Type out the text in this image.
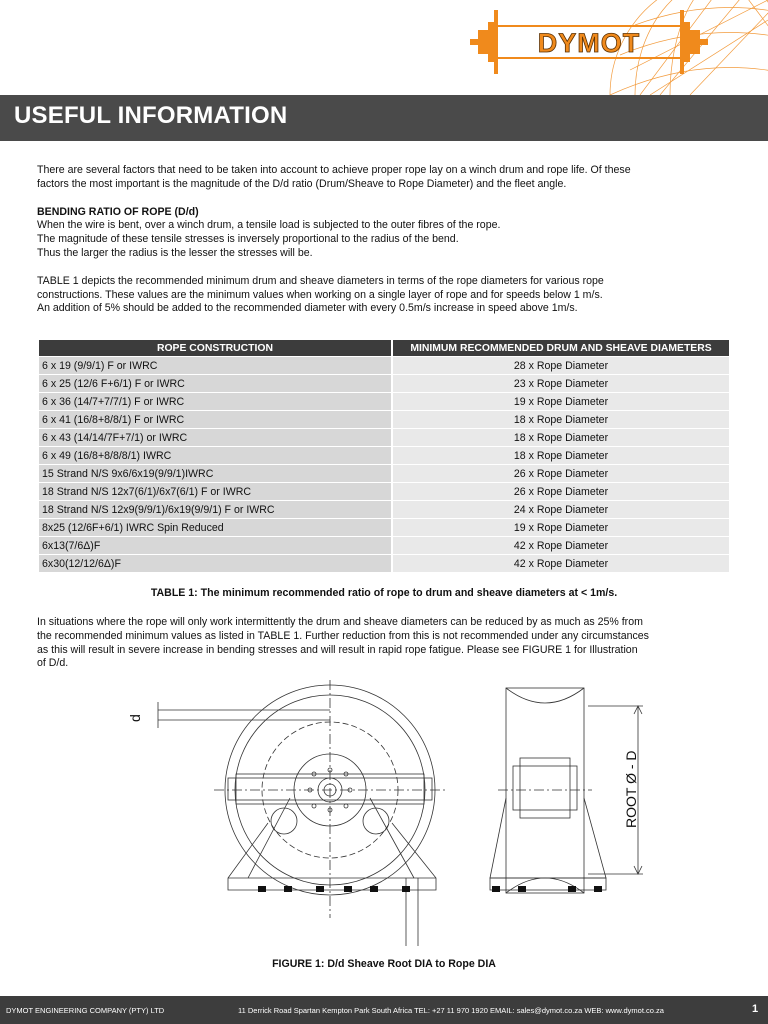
DYMOT
USEFUL INFORMATION

There are several factors that need to be taken into account to achieve proper rope lay on a winch drum and rope life. Of these

factors the most important is the magnitude of the D/d ratio (Drum/Sheave to Rope Diameter) and the fleet angle.

BENDING RATIO OF ROPE (D/d)

When the wire is bent, over a winch drum, a tensile load is subjected to the outer fibres of the rope.

The magnitude of these tensile stresses is inversely proportional to the radius of the bend.

Thus the larger the radius is the lesser the stresses will be.

TABLE 1 depicts the recommended minimum drum and sheave diameters in terms of the rope diameters for various rope

constructions. These values are the minimum values when working on a single layer of rope and for speeds below 1 m/s.

An addition of 5% should be added to the recommended diameter with every 0.5m/s increase in speed above 1m/s.

ROPE CONSTRUCTION	MINIMUM RECOMMENDED DRUM AND SHEAVE DIAMETERS
6 x 19 (9/9/1) F or IWRC	28 x Rope Diameter
6 x 25 (12/6 F+6/1) F or IWRC	23 x Rope Diameter
6 x 36 (14/7+7/7/1) F or IWRC	19 x Rope Diameter
6 x 41 (16/8+8/8/1) F or IWRC	18 x Rope Diameter
6 x 43 (14/14/7F+7/1) or IWRC	18 x Rope Diameter
6 x 49 (16/8+8/8/8/1) IWRC	18 x Rope Diameter
15 Strand N/S 9x6/6x19(9/9/1)IWRC	26 x Rope Diameter
18 Strand N/S 12x7(6/1)/6x7(6/1) F or IWRC	26 x Rope Diameter
18 Strand N/S 12x9(9/9/1)/6x19(9/9/1) F or IWRC	24 x Rope Diameter
8x25 (12/6F+6/1) IWRC Spin Reduced	19 x Rope Diameter
6x13(7/6Δ)F	42 x Rope Diameter
6x30(12/12/6Δ)F	42 x Rope Diameter
TABLE 1: The minimum recommended ratio of rope to drum and sheave diameters at < 1m/s.

In situations where the rope will only work intermittently the drum and sheave diameters can be reduced by as much as 25% from

the recommended minimum values as listed in TABLE 1. Further reduction from this is not recommended under any circumstances

as this will result in severe increase in bending stresses and will result in rapid rope fatigue. Please see FIGURE 1 for Illustration

of D/d.

d
ROOT Ø - D
FIGURE 1: D/d Sheave Root DIA to Rope DIA
DYMOT ENGINEERING COMPANY (PTY) LTD	11 Derrick Road Spartan Kempton Park South Africa TEL: +27 11 970 1920 EMAIL: sales@dymot.co.za WEB: www.dymot.co.za	1
